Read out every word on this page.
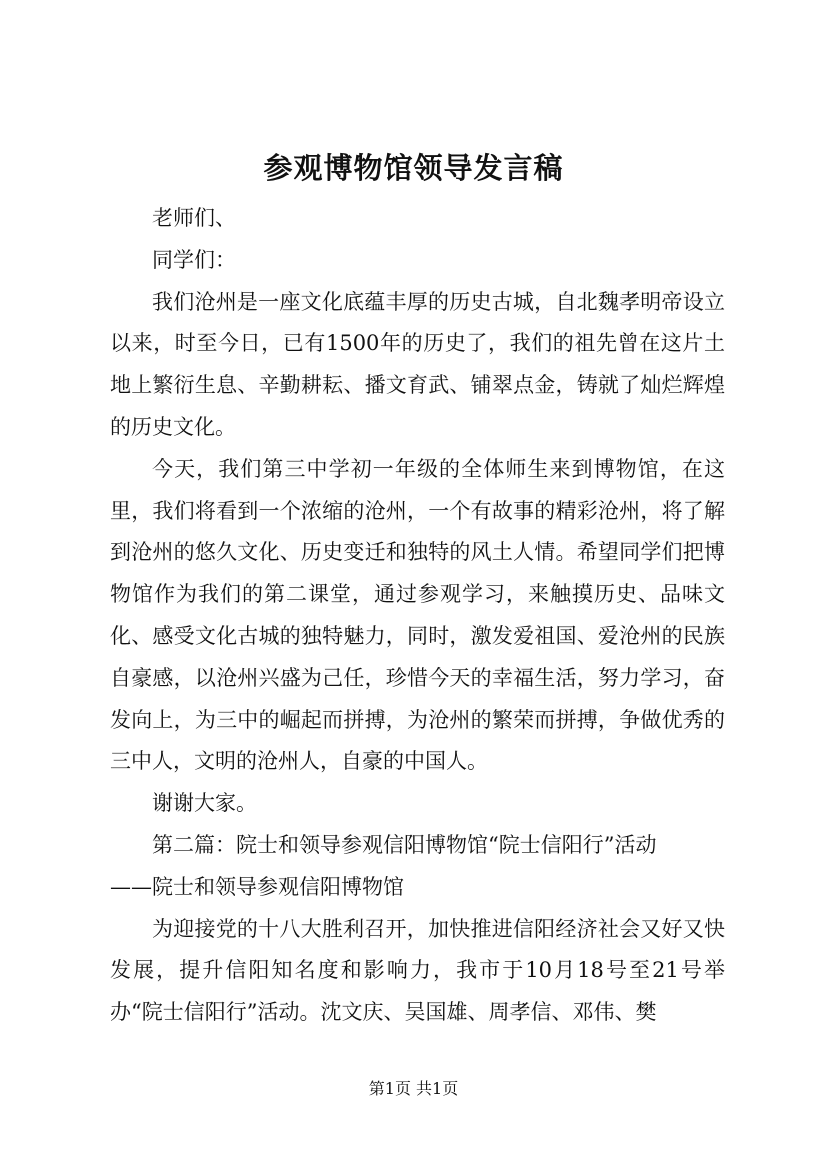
参观博物馆领导发言稿

老师们、

同学们：

我们沧州是一座文化底蕴丰厚的历史古城，自北魏孝明帝设立以来，时至今日，已有1500年的历史了，我们的祖先曾在这片土地上繁衍生息、辛勤耕耘、播文育武、铺翠点金，铸就了灿烂辉煌的历史文化。

今天，我们第三中学初一年级的全体师生来到博物馆，在这里，我们将看到一个浓缩的沧州，一个有故事的精彩沧州，将了解到沧州的悠久文化、历史变迁和独特的风土人情。希望同学们把博物馆作为我们的第二课堂，通过参观学习，来触摸历史、品味文化、感受文化古城的独特魅力，同时，激发爱祖国、爱沧州的民族自豪感，以沧州兴盛为己任，珍惜今天的幸福生活，努力学习，奋发向上，为三中的崛起而拼搏，为沧州的繁荣而拼搏，争做优秀的三中人，文明的沧州人，自豪的中国人。

谢谢大家。

第二篇：院士和领导参观信阳博物馆“院士信阳行”活动

——院士和领导参观信阳博物馆

为迎接党的十八大胜利召开，加快推进信阳经济社会又好又快发展，提升信阳知名度和影响力，我市于10月18号至21号举办“院士信阳行”活动。沈文庆、吴国雄、周孝信、邓伟、樊

第1页 共1页
